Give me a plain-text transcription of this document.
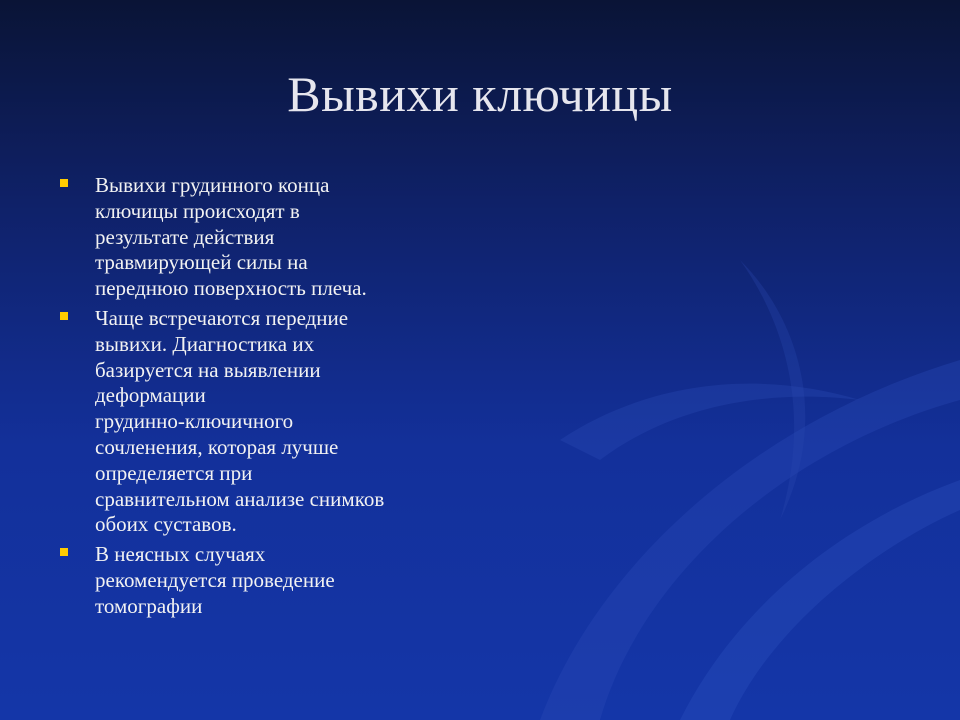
Вывихи ключицы
Вывихи грудинного конца
ключицы происходят в
результате действия
травмирующей силы на
переднюю поверхность плеча.
Чаще встречаются передние
вывихи. Диагностика их
базируется на выявлении
деформации
грудинно-ключичного
сочленения, которая лучше
определяется при
сравнительном анализе снимков
обоих суставов.
В неясных случаях
рекомендуется проведение
томографии
